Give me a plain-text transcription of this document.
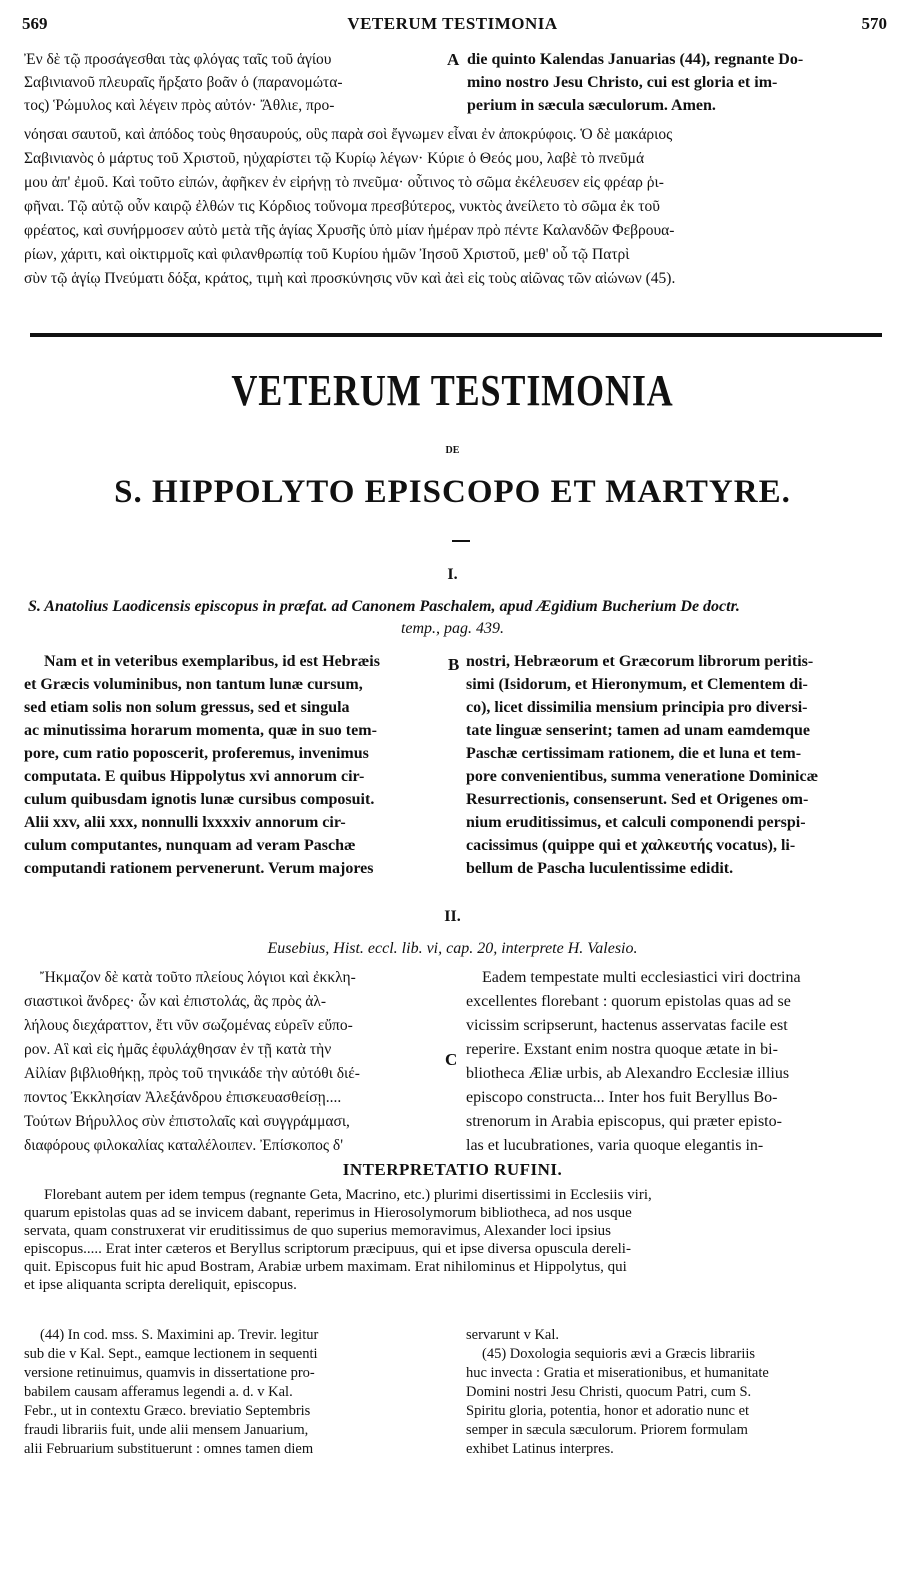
569	VETERUM TESTIMONIA	570
Ἐν δὲ τῷ προσάγεσθαι τὰς φλόγας ταῖς τοῦ ἁγίου
Σαβινιανοῦ πλευραῖς ἤρξατο βοᾶν ὁ (παρανομώτα-
τος) Ῥώμυλος καὶ λέγειν πρὸς αὐτόν· Ἄθλιε, προ-
A die quinto Kalendas Januarias (44), regnante Do-
mino nostro Jesu Christo, cui est gloria et im-
perium in sæcula sæculorum. Amen.
νόησαι σαυτοῦ, καὶ ἀπόδος τοὺς θησαυρούς, οὓς παρὰ σοὶ ἔγνωμεν εἶναι ἐν ἀποκρύφοις. Ὁ δὲ μακάριος
Σαβινιανὸς ὁ μάρτυς τοῦ Χριστοῦ, ηὐχαρίστει τῷ Κυρίῳ λέγων· Κύριε ὁ Θεός μου, λαβὲ τὸ πνεῦμά
μου ἀπ' ἐμοῦ. Καὶ τοῦτο εἰπών, ἀφῆκεν ἐν εἰρήνῃ τὸ πνεῦμα· οὗτινος τὸ σῶμα ἐκέλευσεν εἰς φρέαρ ῥι-
φῆναι. Τῷ αὐτῷ οὖν καιρῷ ἐλθών τις Κόρδιος τοὔνομα πρεσβύτερος, νυκτὸς ἀνείλετο τὸ σῶμα ἐκ τοῦ
φρέατος, καὶ συνήρμοσεν αὐτὸ μετὰ τῆς ἁγίας Χρυσῆς ὑπὸ μίαν ἡμέραν πρὸ πέντε Καλανδῶν Φεβρουα-
ρίων, χάριτι, καὶ οἰκτιρμοῖς καὶ φιλανθρωπίᾳ τοῦ Κυρίου ἡμῶν Ἰησοῦ Χριστοῦ, μεθ' οὗ τῷ Πατρὶ
σὺν τῷ ἁγίῳ Πνεύματι δόξα, κράτος, τιμὴ καὶ προσκύνησις νῦν καὶ ἀεὶ εἰς τοὺς αἰῶνας τῶν αἰώνων (45).
VETERUM TESTIMONIA
DE
S. HIPPOLYTO EPISCOPO ET MARTYRE.
I.
S. Anatolius Laodicensis episcopus in præfat. ad Canonem Paschalem, apud Ægidium Bucherium De doctr.
temp., pag. 439.
Nam et in veteribus exemplaribus, id est Hebræis
et Græcis voluminibus, non tantum lunæ cursum,
sed etiam solis non solum gressus, sed et singula
ac minutissima horarum momenta, quæ in suo tem-
pore, cum ratio poposcerit, proferemus, invenimus
computata. E quibus Hippolytus xvi annorum cir-
culum quibusdam ignotis lunæ cursibus composuit.
Alii xxv, alii xxx, nonnulli lxxxxiv annorum cir-
culum computantes, nunquam ad veram Paschæ
computandi rationem pervenerunt. Verum majores
B nostri, Hebræorum et Græcorum librorum peritis-
simi (Isidorum, et Hieronymum, et Clementem di-
co), licet dissimilia mensium principia pro diversi-
tate linguæ senserint; tamen ad unam eamdemque
Paschæ certissimam rationem, die et luna et tem-
pore convenientibus, summa veneratione Dominicæ
Resurrectionis, consenserunt. Sed et Origenes om-
nium eruditissimus, et calculi componendi perspi-
cacissimus (quippe qui et χαλκευτής vocatus), li-
bellum de Pascha luculentissime edidit.
II.
Eusebius, Hist. eccl. lib. vi, cap. 20, interprete H. Valesio.
Ἤκμαζον δὲ κατὰ τοῦτο πλείους λόγιοι καὶ ἐκκλη-
σιαστικοὶ ἄνδρες· ὧν καὶ ἐπιστολάς, ἃς πρὸς ἀλ-
λήλους διεχάραττον, ἔτι νῦν σωζομένας εὑρεῖν εὔπο-
ρον. Αἳ καὶ εἰς ἡμᾶς ἐφυλάχθησαν ἐν τῇ κατὰ τὴν
Αἰλίαν βιβλιοθήκῃ, πρὸς τοῦ τηνικάδε τὴν αὐτόθι διέ-
ποντος Ἐκκλησίαν Ἀλεξάνδρου ἐπισκευασθείσῃ....
Τούτων Βήρυλλος σὺν ἐπιστολαῖς καὶ συγγράμμασι,
διαφόρους φιλοκαλίας καταλέλοιπεν. Ἐπίσκοπος δ'
C
Eadem tempestate multi ecclesiastici viri doctrina
excellentes florebant : quorum epistolas quas ad se
vicissim scripserunt, hactenus asservatas facile est
reperire. Exstant enim nostra quoque ætate in bi-
bliotheca Æliæ urbis, ab Alexandro Ecclesiæ illius
episcopo constructa... Inter hos fuit Beryllus Bo-
strenorum in Arabia episcopus, qui præter episto-
las et lucubrationes, varia quoque elegantis in-
INTERPRETATIO RUFINI.
Florebant autem per idem tempus (regnante Geta, Macrino, etc.) plurimi disertissimi in Ecclesiis viri,
quarum epistolas quas ad se invicem dabant, reperimus in Hierosolymorum bibliotheca, ad nos usque
servata, quam construxerat vir eruditissimus de quo superius memoravimus, Alexander loci ipsius
episcopus..... Erat inter cæteros et Beryllus scriptorum præcipuus, qui et ipse diversa opuscula dereli-
quit. Episcopus fuit hic apud Bostram, Arabiæ urbem maximam. Erat nihilominus et Hippolytus, qui
et ipse aliquanta scripta dereliquit, episcopus.
(44) In cod. mss. S. Maximini ap. Trevir. legitur
sub die v Kal. Sept., eamque lectionem in sequenti
versione retinuimus, quamvis in dissertatione pro-
babilem causam afferamus legendi a. d. v Kal.
Febr., ut in contextu Græco. breviatio Septembris
fraudi librariis fuit, unde alii mensem Januarium,
alii Februarium substituerunt : omnes tamen diem
servarunt v Kal.
(45) Doxologia sequioris ævi a Græcis librariis
huc invecta : Gratia et miserationibus, et humanitate
Domini nostri Jesu Christi, quocum Patri, cum S.
Spiritu gloria, potentia, honor et adoratio nunc et
semper in sæcula sæculorum. Priorem formulam
exhibet Latinus interpres.
